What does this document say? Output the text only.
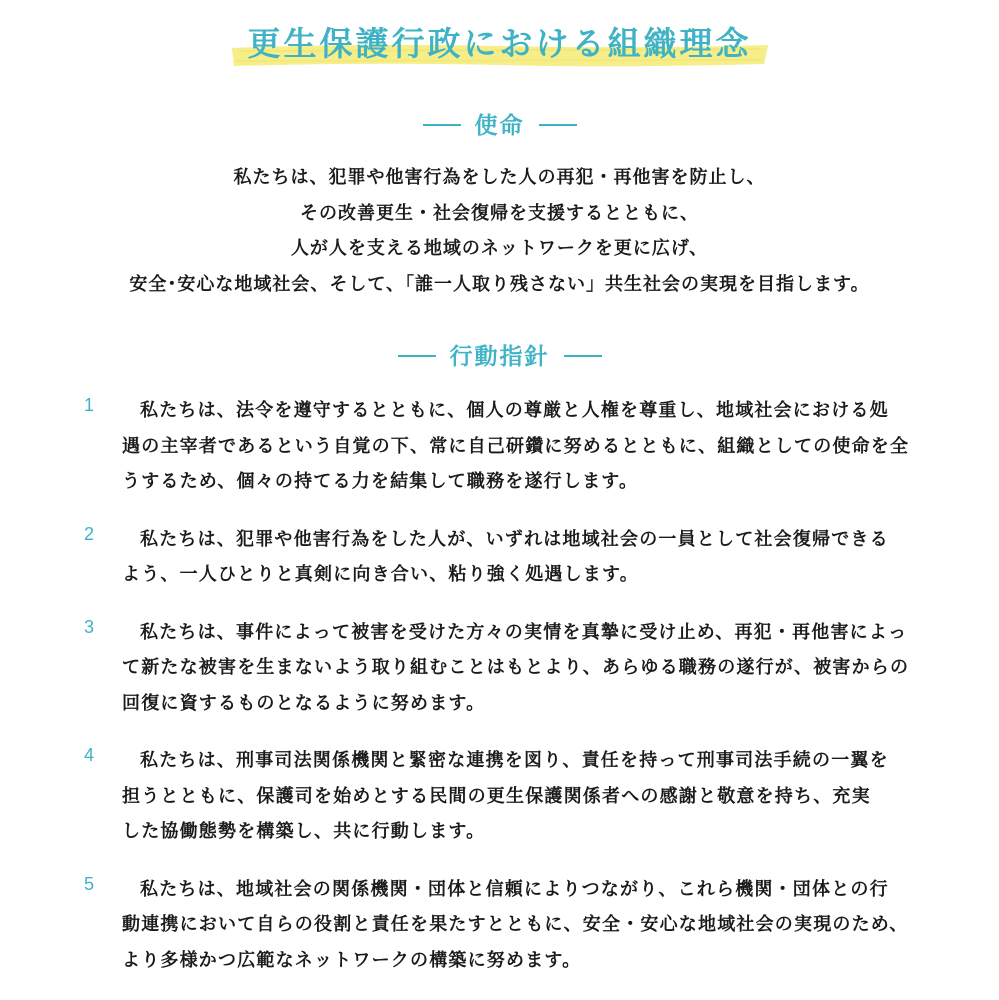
更生保護行政における組織理念
使命
私たちは、犯罪や他害行為をした人の再犯・再他害を防止し、
その改善更生・社会復帰を支援するとともに、
人が人を支える地域のネットワークを更に広げ、
安全･安心な地域社会、そして、「誰一人取り残さない」共生社会の実現を目指します。
行動指針
1	私たちは、法令を遵守するとともに、個人の尊厳と人権を尊重し、地域社会における処
遇の主宰者であるという自覚の下、常に自己研鑽に努めるとともに、組織としての使命を全
うするため、個々の持てる力を結集して職務を遂行します。
2	私たちは、犯罪や他害行為をした人が、いずれは地域社会の一員として社会復帰できる
よう、一人ひとりと真剣に向き合い、粘り強く処遇します。
3	私たちは、事件によって被害を受けた方々の実情を真摯に受け止め、再犯・再他害によっ
て新たな被害を生まないよう取り組むことはもとより、あらゆる職務の遂行が、被害からの
回復に資するものとなるように努めます。
4	私たちは、刑事司法関係機関と緊密な連携を図り、責任を持って刑事司法手続の一翼を
担うとともに、保護司を始めとする民間の更生保護関係者への感謝と敬意を持ち、充実
した協働態勢を構築し、共に行動します。
5	私たちは、地域社会の関係機関・団体と信頼によりつながり、これら機関・団体との行
動連携において自らの役割と責任を果たすとともに、安全・安心な地域社会の実現のため、
より多様かつ広範なネットワークの構築に努めます。
